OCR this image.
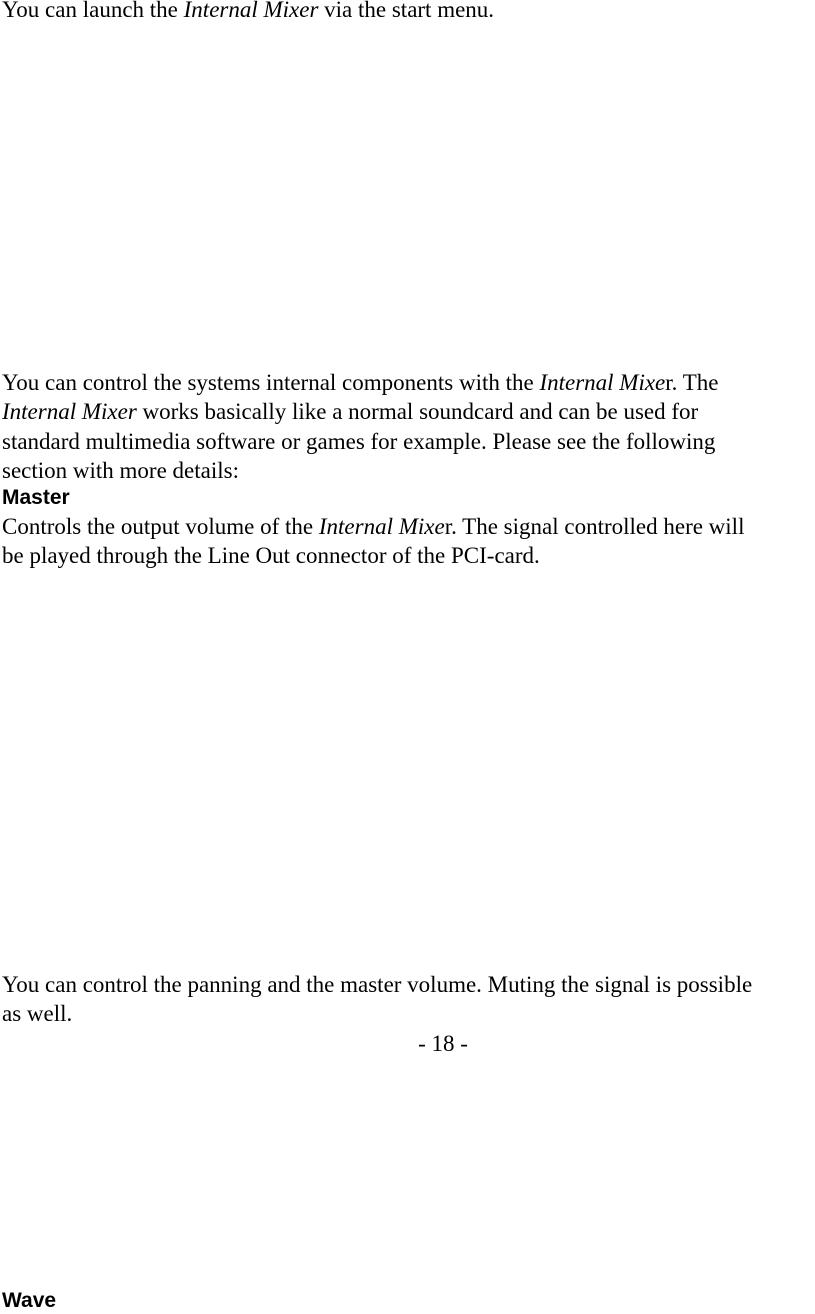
You can launch the Internal Mixer via the start menu.

You can control the systems internal components with the Internal Mixer. The
Internal Mixer works basically like a normal soundcard and can be used for
standard multimedia software or games for example. Please see the following
section with more details:

Master

Controls the output volume of the Internal Mixer. The signal controlled here will
be played through the Line Out connector of the PCI-card.

You can control the panning and the master volume. Muting the signal is possible
as well.

- 18 -

Wave
